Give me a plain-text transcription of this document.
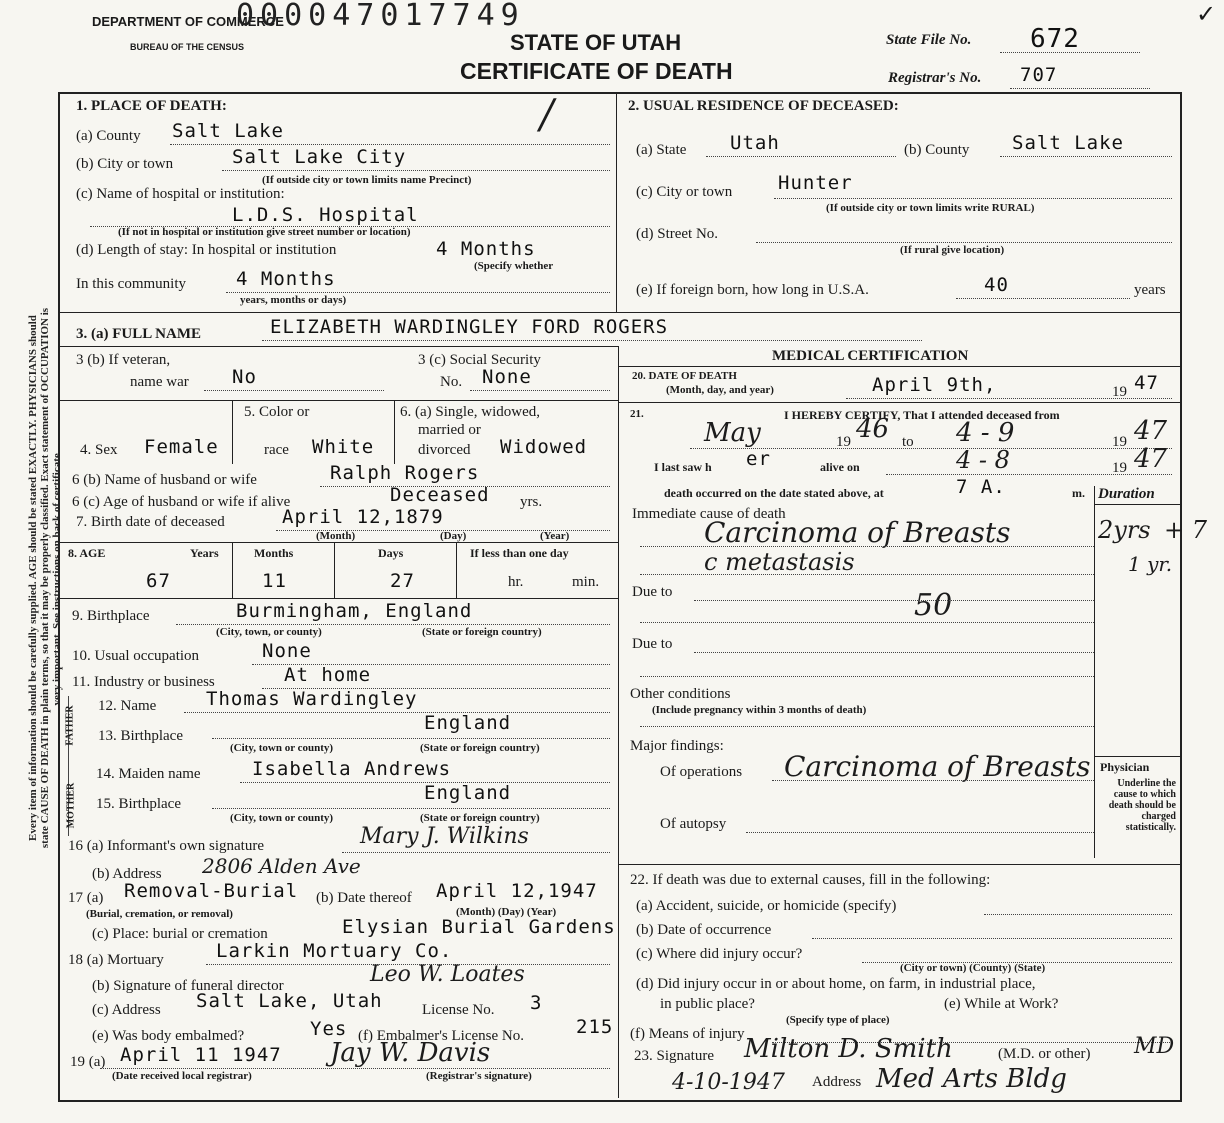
DEPARTMENT OF COMMERCE
BUREAU OF THE CENSUS
000047017749
STATE OF UTAH
CERTIFICATE OF DEATH
State File No. 672
Registrar's No. 707
✓
Every item of information should be carefully supplied. AGE should be stated EXACTLY. PHYSICIANS should state CAUSE OF DEATH in plain terms, so that it may be properly classified. Exact statement of OCCUPATION is very important. See instructions on back of certificate.
1. PLACE OF DEATH:	/
(a) County Salt Lake
(b) City or town	Salt Lake City
(If outside city or town limits name Precinct)
(c) Name of hospital or institution:
L.D.S. Hospital
(If not in hospital or institution give street number or location)
(d) Length of stay: In hospital or institution	4 Months
(Specify whether
In this community	4 Months
years, months or days)
2. USUAL RESIDENCE OF DECEASED:
(a) State Utah	(b) County Salt Lake
(c) City or town Hunter
(If outside city or town limits write RURAL)
(d) Street No.
(If rural give location)
(e) If foreign born, how long in U.S.A.	40	years
3. (a) FULL NAME	ELIZABETH WARDINGLEY FORD ROGERS
3 (b) If veteran,
name war No
3 (c) Social Security
No. None
4. Sex Female
5. Color or
race White
6. (a) Single, widowed,
married or
divorced Widowed
6 (b) Name of husband or wife	Ralph Rogers
6 (c) Age of husband or wife if alive	Deceased yrs.
7. Birth date of deceased	April 12,1879
(Month)	(Day)	(Year)
8. AGE	Years	Months	Days	If less than one day
67	11	27	hr.	min.
9. Birthplace	Burmingham, England
(City, town, or county)	(State or foreign country)
10. Usual occupation	None
11. Industry or business	At home
FATHER
MOTHER
12. Name	Thomas Wardingley
13. Birthplace
England
(City, town or county)	(State or foreign country)
14. Maiden name	Isabella Andrews
15. Birthplace	England
(City, town or county)	(State or foreign country)
16 (a) Informant's own signature	Mary J. Wilkins
(b) Address 2806 Alden Ave
17 (a) Removal-Burial
(Burial, cremation, or removal)
(b) Date thereof April 12,1947
(Month) (Day) (Year)
(c) Place: burial or cremation	Elysian Burial Gardens
18 (a) Mortuary	Larkin Mortuary Co.
(b) Signature of funeral director	Leo W. Loates
(c) Address Salt Lake, Utah	License No. 3
(e) Was body embalmed?	Yes (f) Embalmer's License No.	215
19 (a) April 11 1947
(Date received local registrar)
Jay W. Davis
(Registrar's signature)
MEDICAL CERTIFICATION
20. DATE OF DEATH
(Month, day, and year)	April 9th,	19 47
21.	I HEREBY CERTIFY, That I attended deceased from
May	19 46 to 4 - 9	19 47
I last saw h er	alive on	4 - 8	19 47
death occurred on the date stated above, at	7 A.	m. Duration
Immediate cause of death
Carcinoma of Breasts	2yrs + 7
c metastasis	1 yr.
Due to	50
Due to
Other conditions
(Include pregnancy within 3 months of death)
Major findings:
Of operations Carcinoma of Breasts
Of autopsy
Physician
Underline the cause to which death should be charged statistically.
22. If death was due to external causes, fill in the following:
(a) Accident, suicide, or homicide (specify)
(b) Date of occurrence
(c) Where did injury occur?
(City or town) (County) (State)
(d) Did injury occur in or about home, on farm, in industrial place,
in public place?	(e) While at Work?
(Specify type of place)
(f) Means of injury
23. Signature Milton D. Smith	(M.D. or other) MD
4-10-1947 Address Med Arts Bldg
